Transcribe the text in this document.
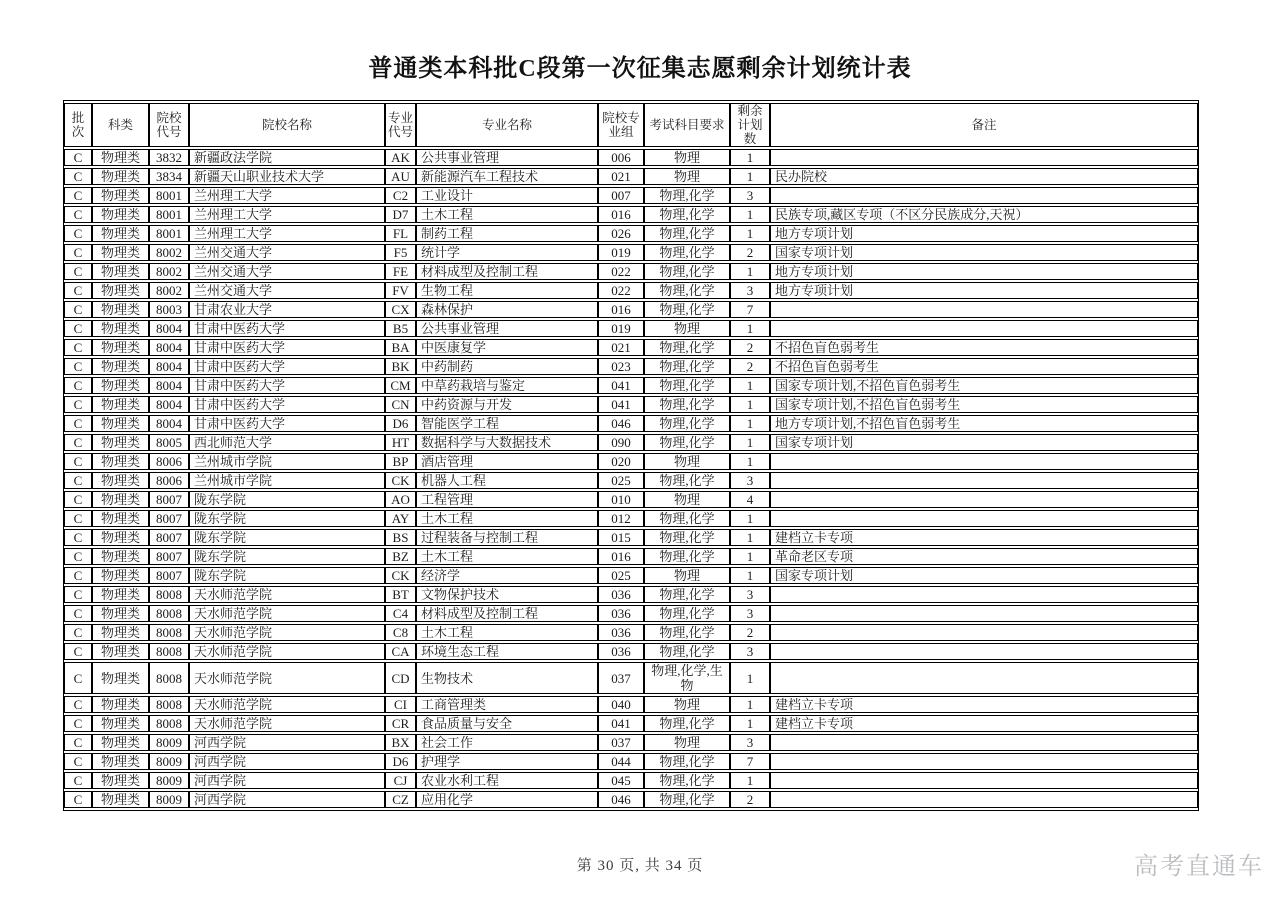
普通类本科批C段第一次征集志愿剩余计划统计表
批次	科类	院校代号	院校名称	专业代号	专业名称	院校专业组	考试科目要求	剩余计划数	备注
C	物理类	3832	新疆政法学院	AK	公共事业管理	006	物理	1	
C	物理类	3834	新疆天山职业技术大学	AU	新能源汽车工程技术	021	物理	1	民办院校
C	物理类	8001	兰州理工大学	C2	工业设计	007	物理,化学	3	
C	物理类	8001	兰州理工大学	D7	土木工程	016	物理,化学	1	民族专项,藏区专项（不区分民族成分,天祝）
C	物理类	8001	兰州理工大学	FL	制药工程	026	物理,化学	1	地方专项计划
C	物理类	8002	兰州交通大学	F5	统计学	019	物理,化学	2	国家专项计划
C	物理类	8002	兰州交通大学	FE	材料成型及控制工程	022	物理,化学	1	地方专项计划
C	物理类	8002	兰州交通大学	FV	生物工程	022	物理,化学	3	地方专项计划
C	物理类	8003	甘肃农业大学	CX	森林保护	016	物理,化学	7	
C	物理类	8004	甘肃中医药大学	B5	公共事业管理	019	物理	1	
C	物理类	8004	甘肃中医药大学	BA	中医康复学	021	物理,化学	2	不招色盲色弱考生
C	物理类	8004	甘肃中医药大学	BK	中药制药	023	物理,化学	2	不招色盲色弱考生
C	物理类	8004	甘肃中医药大学	CM	中草药栽培与鉴定	041	物理,化学	1	国家专项计划,不招色盲色弱考生
C	物理类	8004	甘肃中医药大学	CN	中药资源与开发	041	物理,化学	1	国家专项计划,不招色盲色弱考生
C	物理类	8004	甘肃中医药大学	D6	智能医学工程	046	物理,化学	1	地方专项计划,不招色盲色弱考生
C	物理类	8005	西北师范大学	HT	数据科学与大数据技术	090	物理,化学	1	国家专项计划
C	物理类	8006	兰州城市学院	BP	酒店管理	020	物理	1	
C	物理类	8006	兰州城市学院	CK	机器人工程	025	物理,化学	3	
C	物理类	8007	陇东学院	AO	工程管理	010	物理	4	
C	物理类	8007	陇东学院	AY	土木工程	012	物理,化学	1	
C	物理类	8007	陇东学院	BS	过程装备与控制工程	015	物理,化学	1	建档立卡专项
C	物理类	8007	陇东学院	BZ	土木工程	016	物理,化学	1	革命老区专项
C	物理类	8007	陇东学院	CK	经济学	025	物理	1	国家专项计划
C	物理类	8008	天水师范学院	BT	文物保护技术	036	物理,化学	3	
C	物理类	8008	天水师范学院	C4	材料成型及控制工程	036	物理,化学	3	
C	物理类	8008	天水师范学院	C8	土木工程	036	物理,化学	2	
C	物理类	8008	天水师范学院	CA	环境生态工程	036	物理,化学	3	
C	物理类	8008	天水师范学院	CD	生物技术	037	物理,化学,生物	1	
C	物理类	8008	天水师范学院	CI	工商管理类	040	物理	1	建档立卡专项
C	物理类	8008	天水师范学院	CR	食品质量与安全	041	物理,化学	1	建档立卡专项
C	物理类	8009	河西学院	BX	社会工作	037	物理	3	
C	物理类	8009	河西学院	D6	护理学	044	物理,化学	7	
C	物理类	8009	河西学院	CJ	农业水利工程	045	物理,化学	1	
C	物理类	8009	河西学院	CZ	应用化学	046	物理,化学	2	
第 30 页, 共 34 页	高考直通车
